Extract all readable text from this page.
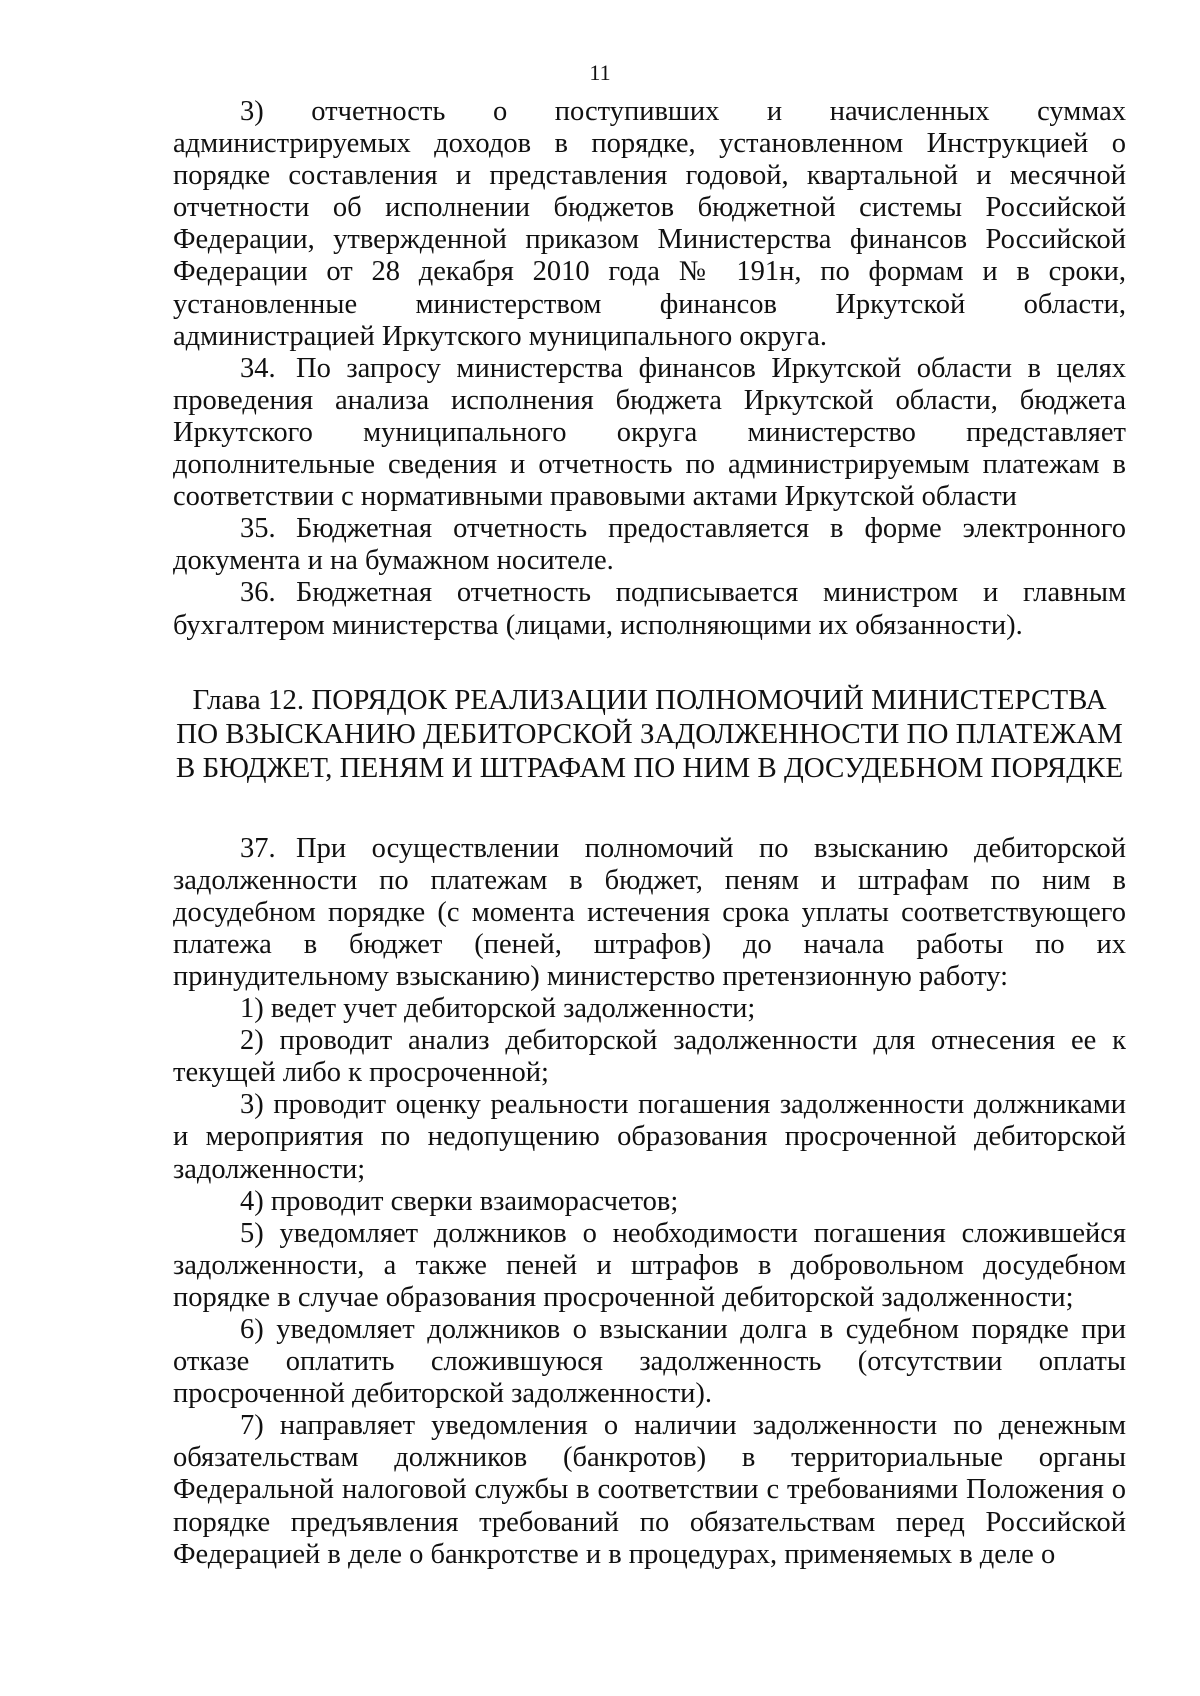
11

3) отчетность о поступивших и начисленных суммах администрируемых доходов в порядке, установленном Инструкцией о порядке составления и представления годовой, квартальной и месячной отчетности об исполнении бюджетов бюджетной системы Российской Федерации, утвержденной приказом Министерства финансов Российской Федерации от 28 декабря 2010 года № 191н, по формам и в сроки, установленные министерством финансов Иркутской области, администрацией Иркутского муниципального округа.

34. По запросу министерства финансов Иркутской области в целях проведения анализа исполнения бюджета Иркутской области, бюджета Иркутского муниципального округа министерство представляет дополнительные сведения и отчетность по администрируемым платежам в соответствии с нормативными правовыми актами Иркутской области

35. Бюджетная отчетность предоставляется в форме электронного документа и на бумажном носителе.

36. Бюджетная отчетность подписывается министром и главным бухгалтером министерства (лицами, исполняющими их обязанности).

Глава 12. ПОРЯДОК РЕАЛИЗАЦИИ ПОЛНОМОЧИЙ МИНИСТЕРСТВА
ПО ВЗЫСКАНИЮ ДЕБИТОРСКОЙ ЗАДОЛЖЕННОСТИ ПО ПЛАТЕЖАМ
В БЮДЖЕТ, ПЕНЯМ И ШТРАФАМ ПО НИМ В ДОСУДЕБНОМ ПОРЯДКЕ

37. При осуществлении полномочий по взысканию дебиторской задолженности по платежам в бюджет, пеням и штрафам по ним в досудебном порядке (с момента истечения срока уплаты соответствующего платежа в бюджет (пеней, штрафов) до начала работы по их принудительному взысканию) министерство претензионную работу:

1) ведет учет дебиторской задолженности;

2) проводит анализ дебиторской задолженности для отнесения ее к текущей либо к просроченной;

3) проводит оценку реальности погашения задолженности должниками и мероприятия по недопущению образования просроченной дебиторской задолженности;

4) проводит сверки взаиморасчетов;

5) уведомляет должников о необходимости погашения сложившейся задолженности, а также пеней и штрафов в добровольном досудебном порядке в случае образования просроченной дебиторской задолженности;

6) уведомляет должников о взыскании долга в судебном порядке при отказе оплатить сложившуюся задолженность (отсутствии оплаты просроченной дебиторской задолженности).

7) направляет уведомления о наличии задолженности по денежным обязательствам должников (банкротов) в территориальные органы Федеральной налоговой службы в соответствии с требованиями Положения о порядке предъявления требований по обязательствам перед Российской Федерацией в деле о банкротстве и в процедурах, применяемых в деле о
